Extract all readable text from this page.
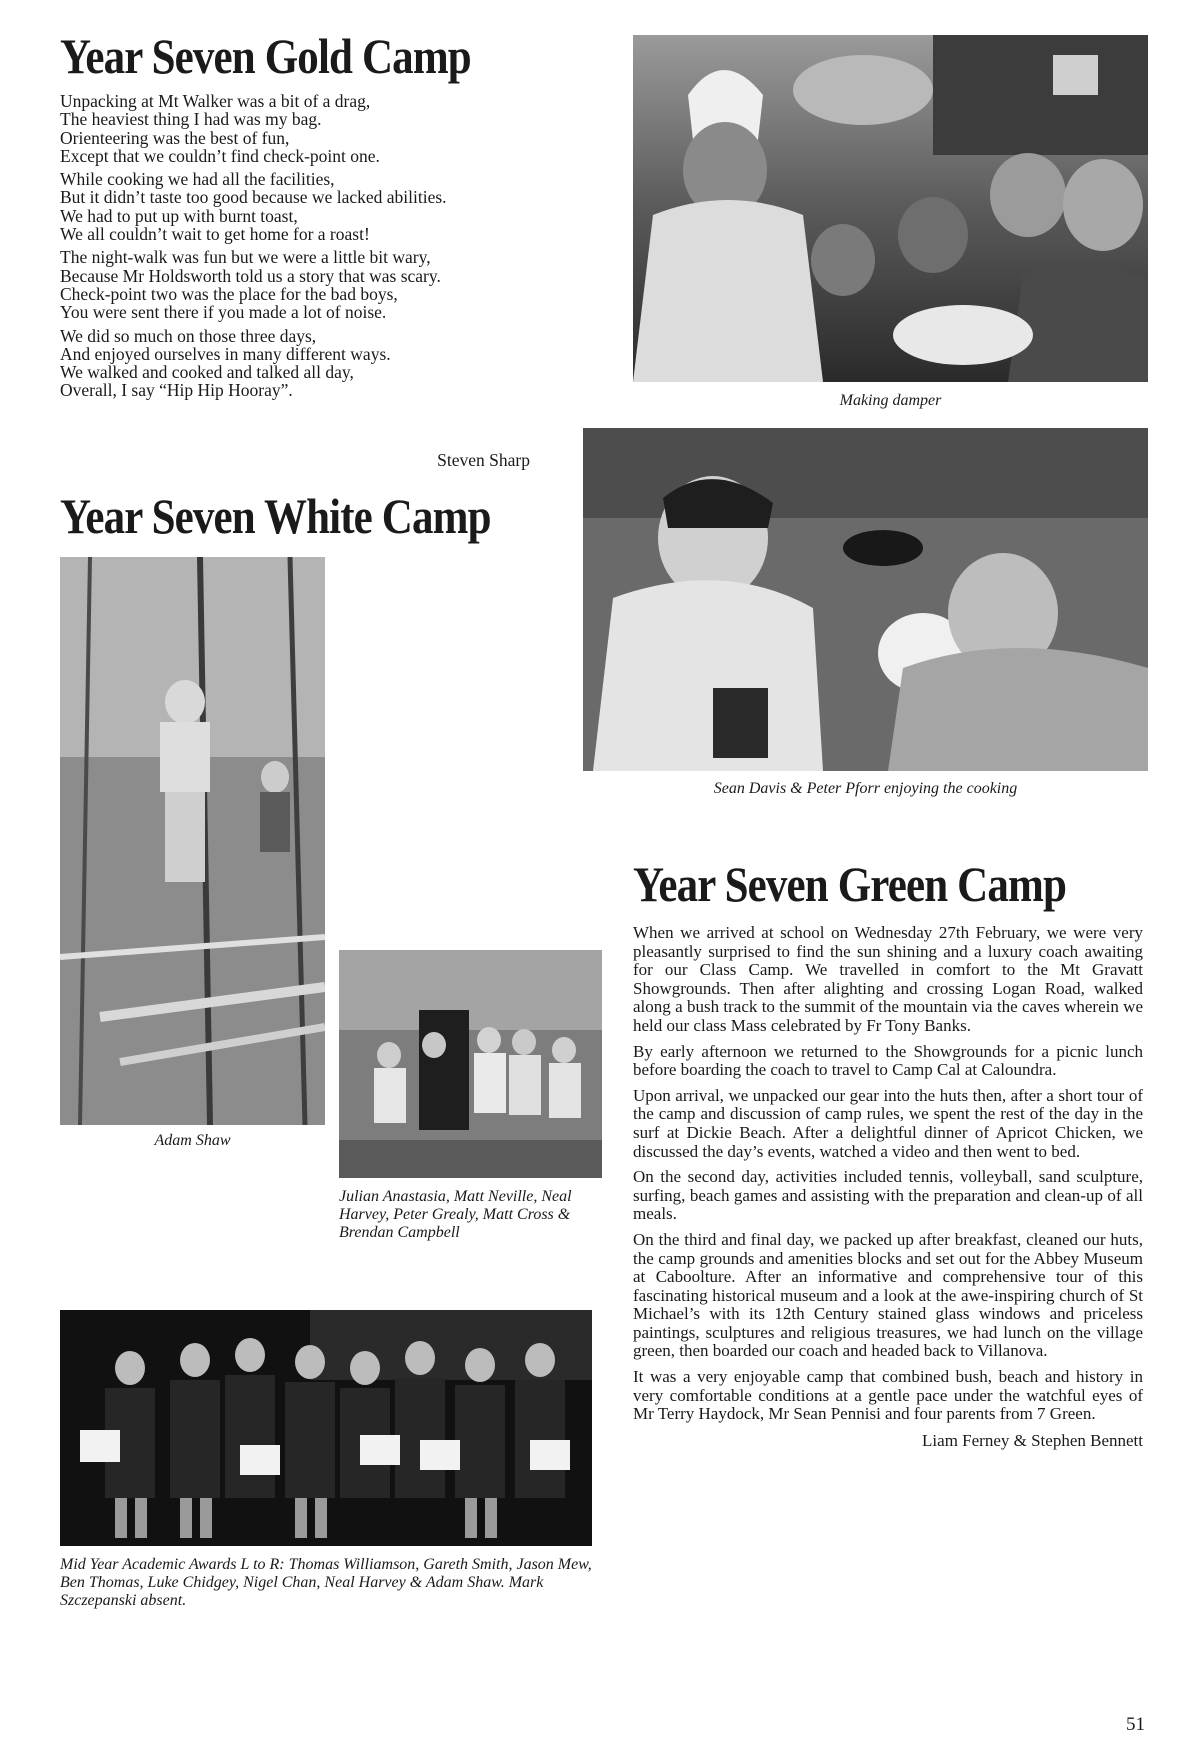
Year Seven Gold Camp
Unpacking at Mt Walker was a bit of a drag,
The heaviest thing I had was my bag.
Orienteering was the best of fun,
Except that we couldn’t find check-point one.
While cooking we had all the facilities,
But it didn’t taste too good because we lacked abilities.
We had to put up with burnt toast,
We all couldn’t wait to get home for a roast!
The night-walk was fun but we were a little bit wary,
Because Mr Holdsworth told us a story that was scary.
Check-point two was the place for the bad boys,
You were sent there if you made a lot of noise.
We did so much on those three days,
And enjoyed ourselves in many different ways.
We walked and cooked and talked all day,
Overall, I say “Hip Hip Hooray”.
Steven Sharp
Making damper
Sean Davis & Peter Pforr enjoying the cooking
Year Seven White Camp
Adam Shaw
Julian Anastasia, Matt Neville, Neal Harvey, Peter Grealy, Matt Cross & Brendan Campbell
Mid Year Academic Awards L to R: Thomas Williamson, Gareth Smith, Jason Mew, Ben Thomas, Luke Chidgey, Nigel Chan, Neal Harvey & Adam Shaw. Mark Szczepanski absent.
Year Seven Green Camp

When we arrived at school on Wednesday 27th February, we were very pleasantly surprised to find the sun shining and a luxury coach awaiting for our Class Camp. We travelled in comfort to the Mt Gravatt Showgrounds. Then after alighting and crossing Logan Road, walked along a bush track to the summit of the mountain via the caves wherein we held our class Mass celebrated by Fr Tony Banks.

By early afternoon we returned to the Showgrounds for a picnic lunch before boarding the coach to travel to Camp Cal at Caloundra.

Upon arrival, we unpacked our gear into the huts then, after a short tour of the camp and discussion of camp rules, we spent the rest of the day in the surf at Dickie Beach. After a delightful dinner of Apricot Chicken, we discussed the day’s events, watched a video and then went to bed.

On the second day, activities included tennis, volleyball, sand sculpture, surfing, beach games and assisting with the preparation and clean-up of all meals.

On the third and final day, we packed up after breakfast, cleaned our huts, the camp grounds and amenities blocks and set out for the Abbey Museum at Caboolture. After an informative and comprehensive tour of this fascinating historical museum and a look at the awe-inspiring church of St Michael’s with its 12th Century stained glass windows and priceless paintings, sculptures and religious treasures, we had lunch on the village green, then boarded our coach and headed back to Villanova.

It was a very enjoyable camp that combined bush, beach and history in very comfortable conditions at a gentle pace under the watchful eyes of Mr Terry Haydock, Mr Sean Pennisi and four parents from 7 Green.

Liam Ferney & Stephen Bennett
51
